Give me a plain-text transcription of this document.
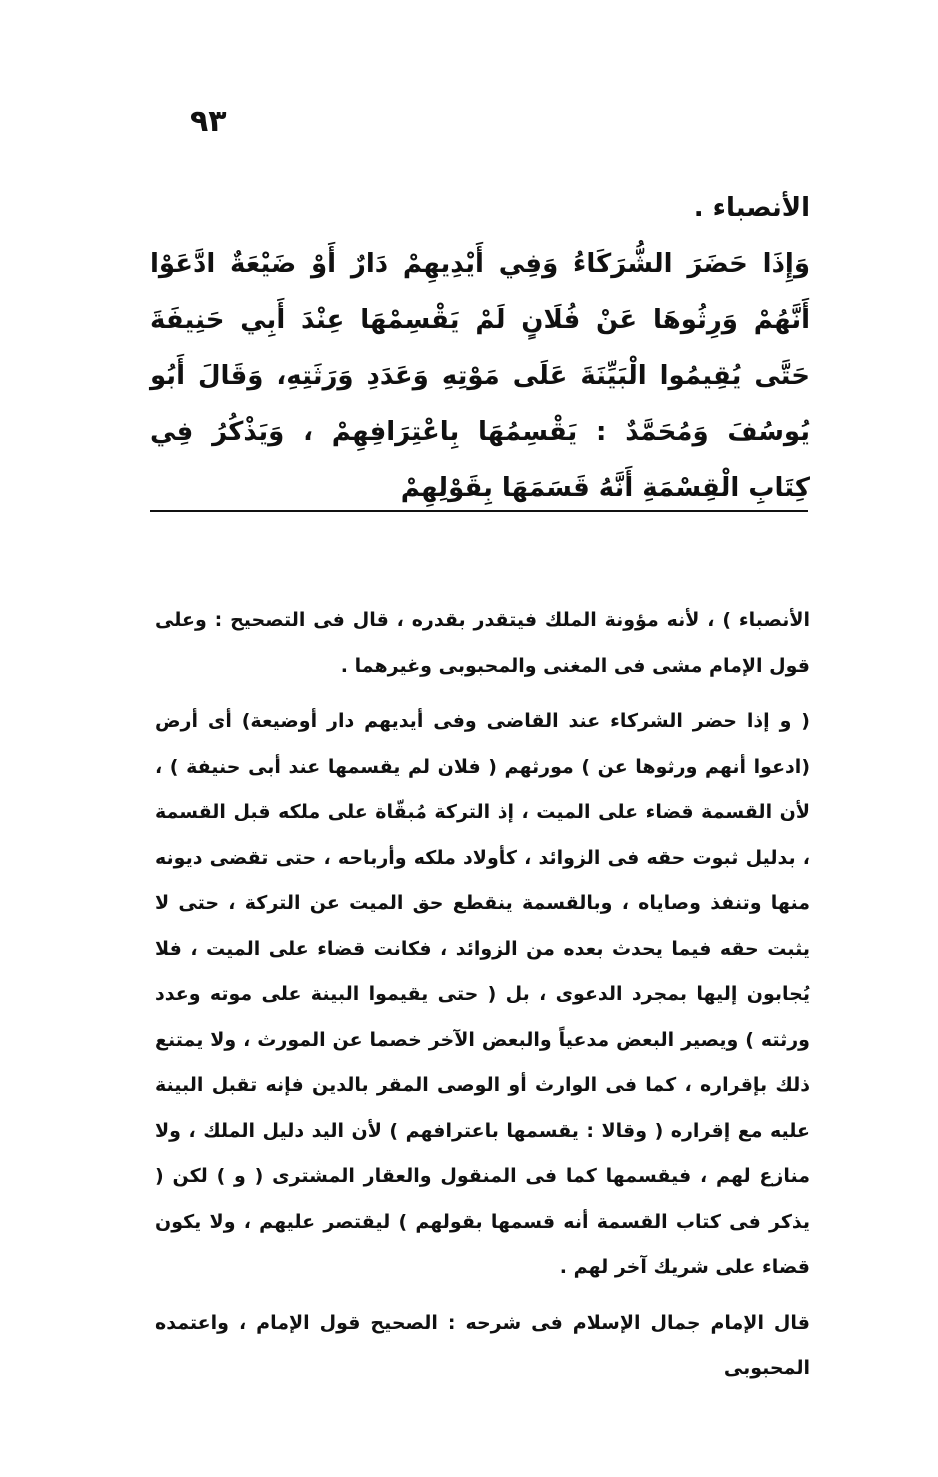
٩٣
الأنصباء .

وَإِذَا حَضَرَ الشُّرَكَاءُ وَفِي أَيْدِيهِمْ دَارٌ أَوْ ضَيْعَةٌ ادَّعَوْا أَنَّهُمْ وَرِثُوهَا عَنْ فُلَانٍ لَمْ يَقْسِمْهَا عِنْدَ أَبِي حَنِيفَةَ حَتَّى يُقِيمُوا الْبَيِّنَةَ عَلَى مَوْتِهِ وَعَدَدِ وَرَثَتِهِ، وَقَالَ أَبُو يُوسُفَ وَمُحَمَّدٌ : يَقْسِمُهَا بِاعْتِرَافِهِمْ ، وَيَذْكُرُ فِي كِتَابِ الْقِسْمَةِ أَنَّهُ قَسَمَهَا بِقَوْلِهِمْ

الأنصباء ) ، لأنه مؤونة الملك فيتقدر بقدره ، قال فى التصحيح : وعلى قول الإمام مشى فى المغنى والمحبوبى وغيرهما .

( و إذا حضر الشركاء عند القاضى وفى أيديهم دار أوضيعة) أى أرض (ادعوا أنهم ورثوها عن ) مورثهم ( فلان لم يقسمها عند أبى حنيفة ) ، لأن القسمة قضاء على الميت ، إذ التركة مُبقّاة على ملكه قبل القسمة ، بدليل ثبوت حقه فى الزوائد ، كأولاد ملكه وأرباحه ، حتى تقضى ديونه منها وتنفذ وصاياه ، وبالقسمة ينقطع حق الميت عن التركة ، حتى لا يثبت حقه فيما يحدث بعده من الزوائد ، فكانت قضاء على الميت ، فلا يُجابون إليها بمجرد الدعوى ، بل ( حتى يقيموا البينة على موته وعدد ورثته ) ويصير البعض مدعياً والبعض الآخر خصما عن المورث ، ولا يمتنع ذلك بإقراره ، كما فى الوارث أو الوصى المقر بالدين فإنه تقبل البينة عليه مع إقراره ( وقالا : يقسمها باعترافهم ) لأن اليد دليل الملك ، ولا منازع لهم ، فيقسمها كما فى المنقول والعقار المشترى ( و ) لكن ( يذكر فى كتاب القسمة أنه قسمها بقولهم ) ليقتصر عليهم ، ولا يكون قضاء على شريك آخر لهم .

قال الإمام جمال الإسلام فى شرحه : الصحيح قول الإمام ، واعتمده المحبوبى
